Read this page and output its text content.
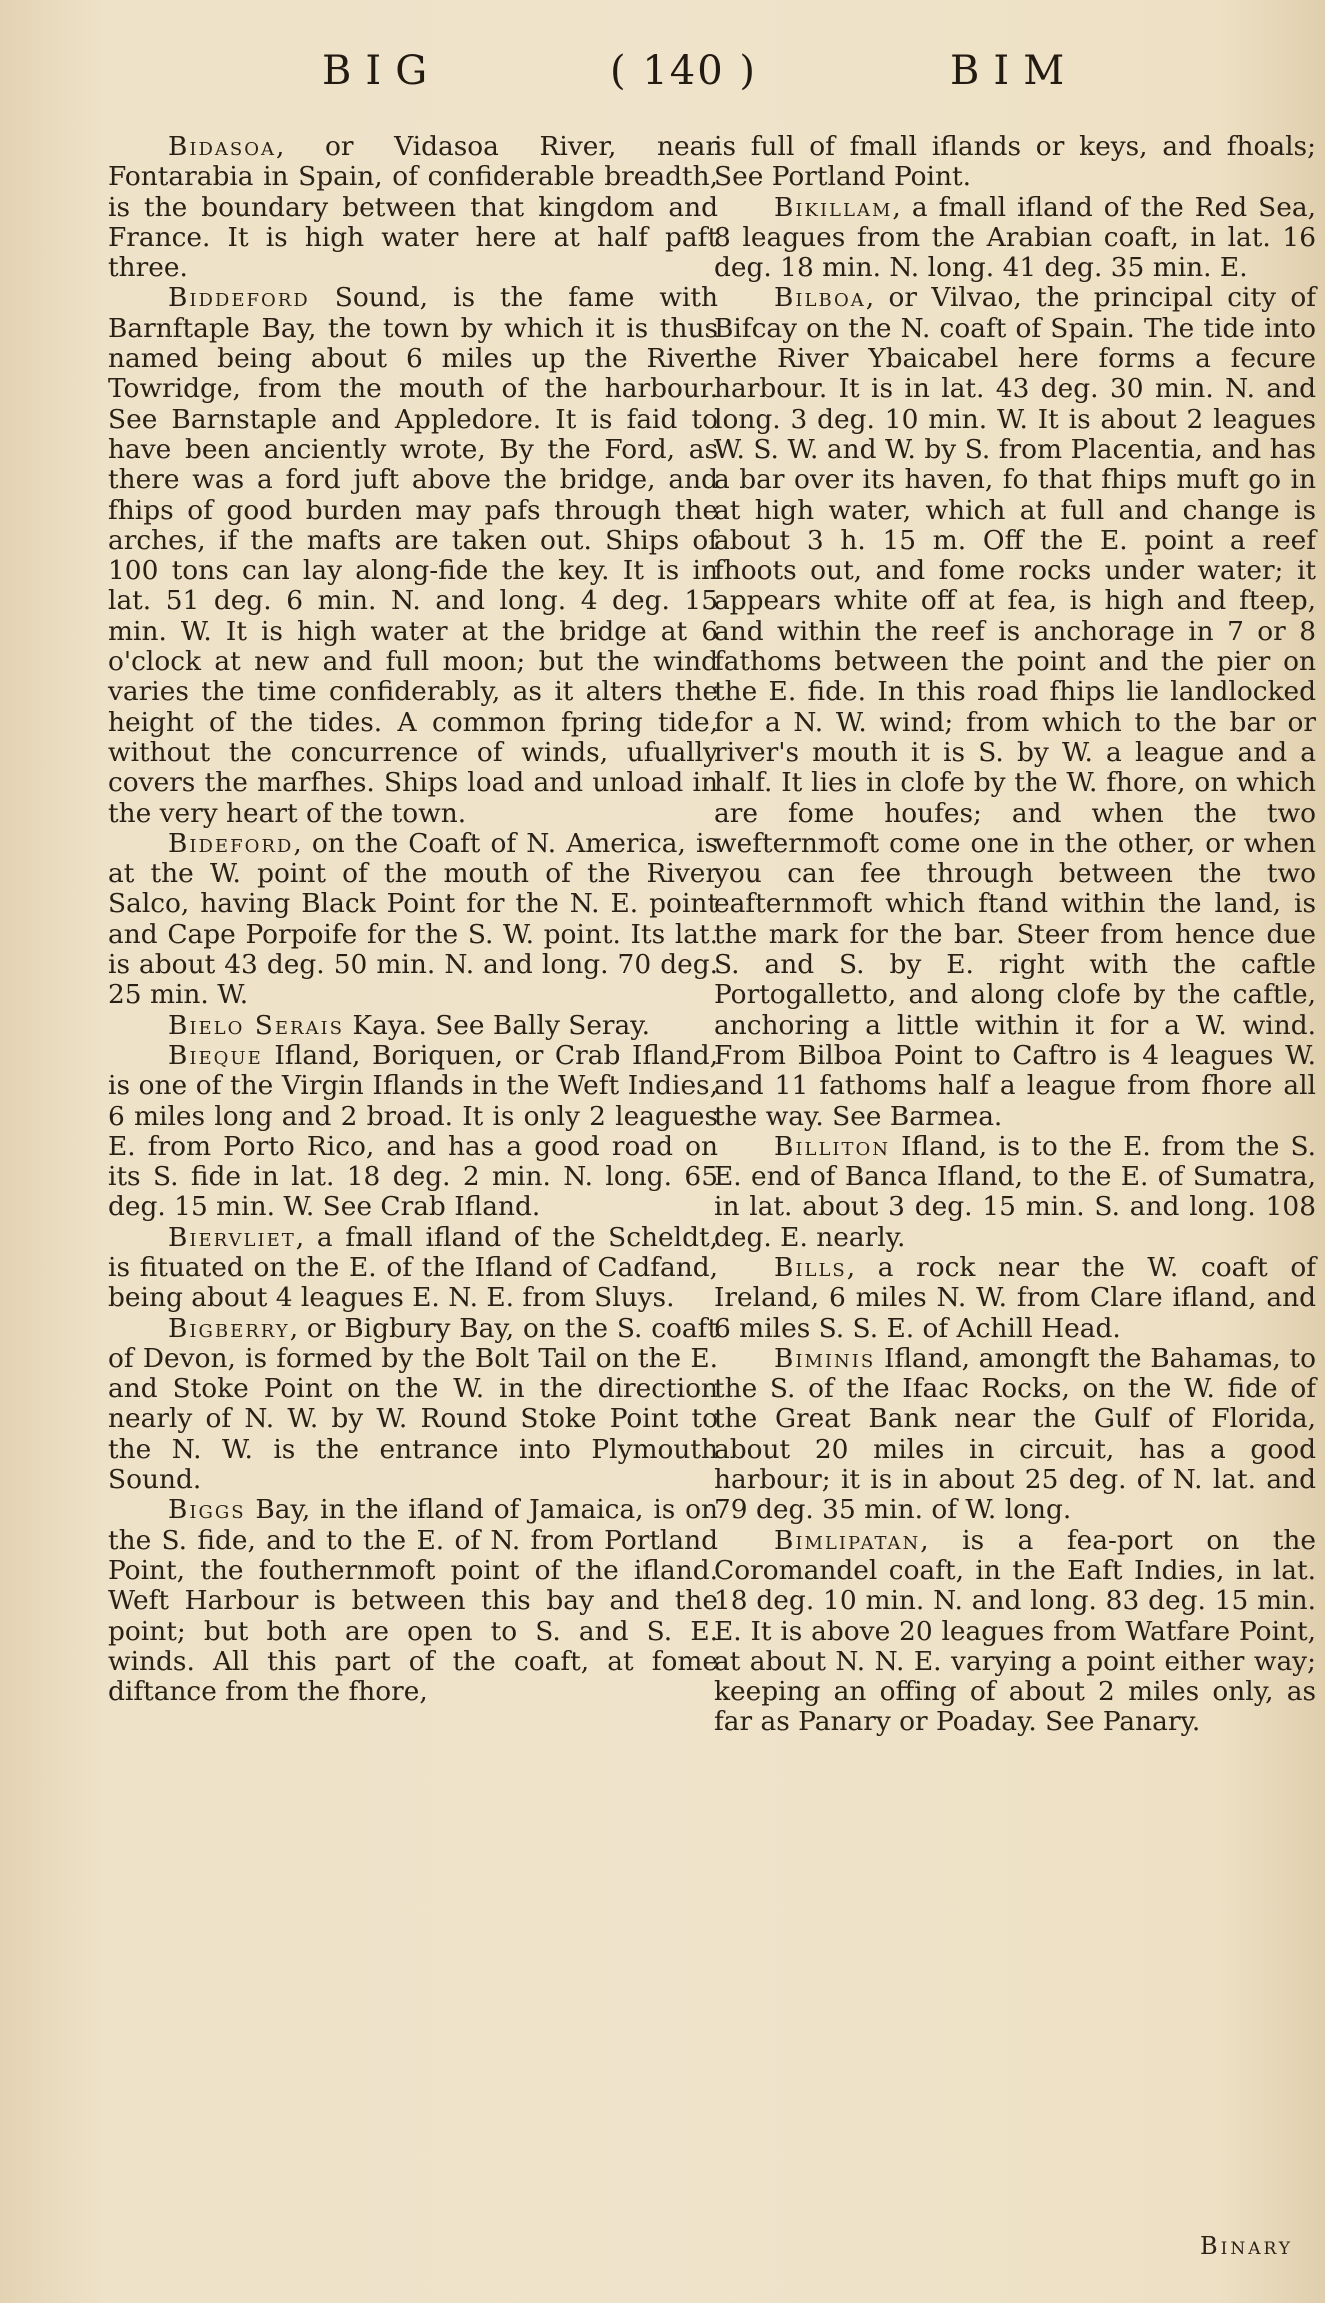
BIG	( 140 )	BIM

Bidasoa, or Vidasoa River, near Fontarabia in Spain, of confiderable breadth, is the boundary between that kingdom and France. It is high water here at half paft three.

Biddeford Sound, is the fame with Barnftaple Bay, the town by which it is thus named being about 6 miles up the River Towridge, from the mouth of the harbour. See Barnstaple and Appledore. It is faid to have been anciently wrote, By the Ford, as there was a ford juft above the bridge, and fhips of good burden may pafs through the arches, if the mafts are taken out. Ships of 100 tons can lay along-fide the key. It is in lat. 51 deg. 6 min. N. and long. 4 deg. 15 min. W. It is high water at the bridge at 6 o'clock at new and full moon; but the wind varies the time confiderably, as it alters the height of the tides. A common fpring tide, without the concurrence of winds, ufually covers the marfhes. Ships load and unload in the very heart of the town.

Bideford, on the Coaft of N. America, is at the W. point of the mouth of the River Salco, having Black Point for the N. E. point and Cape Porpoife for the S. W. point. Its lat. is about 43 deg. 50 min. N. and long. 70 deg. 25 min. W.

Bielo Serais Kaya. See Bally Seray.

Bieque Ifland, Boriquen, or Crab Ifland, is one of the Virgin Iflands in the Weft Indies, 6 miles long and 2 broad. It is only 2 leagues E. from Porto Rico, and has a good road on its S. fide in lat. 18 deg. 2 min. N. long. 65 deg. 15 min. W. See Crab Ifland.

Biervliet, a fmall ifland of the Scheldt, is fituated on the E. of the Ifland of Cadfand, being about 4 leagues E. N. E. from Sluys.

Bigberry, or Bigbury Bay, on the S. coaft of Devon, is formed by the Bolt Tail on the E. and Stoke Point on the W. in the direction nearly of N. W. by W. Round Stoke Point to the N. W. is the entrance into Plymouth Sound.

Biggs Bay, in the ifland of Jamaica, is on the S. fide, and to the E. of N. from Portland Point, the fouthernmoft point of the ifland. Weft Harbour is between this bay and the point; but both are open to S. and S. E. winds. All this part of the coaft, at fome diftance from the fhore,

is full of fmall iflands or keys, and fhoals; See Portland Point.

Bikillam, a fmall ifland of the Red Sea, 8 leagues from the Arabian coaft, in lat. 16 deg. 18 min. N. long. 41 deg. 35 min. E.

Bilboa, or Vilvao, the principal city of Bifcay on the N. coaft of Spain. The tide into the River Ybaicabel here forms a fecure harbour. It is in lat. 43 deg. 30 min. N. and long. 3 deg. 10 min. W. It is about 2 leagues W. S. W. and W. by S. from Placentia, and has a bar over its haven, fo that fhips muft go in at high water, which at full and change is about 3 h. 15 m. Off the E. point a reef fhoots out, and fome rocks under water; it appears white off at fea, is high and fteep, and within the reef is anchorage in 7 or 8 fathoms between the point and the pier on the E. fide. In this road fhips lie landlocked for a N. W. wind; from which to the bar or river's mouth it is S. by W. a league and a half. It lies in clofe by the W. fhore, on which are fome houfes; and when the two wefternmoft come one in the other, or when you can fee through between the two eafternmoft which ftand within the land, is the mark for the bar. Steer from hence due S. and S. by E. right with the caftle Portogalletto, and along clofe by the caftle, anchoring a little within it for a W. wind. From Bilboa Point to Caftro is 4 leagues W. and 11 fathoms half a league from fhore all the way. See Barmea.

Billiton Ifland, is to the E. from the S. E. end of Banca Ifland, to the E. of Sumatra, in lat. about 3 deg. 15 min. S. and long. 108 deg. E. nearly.

Bills, a rock near the W. coaft of Ireland, 6 miles N. W. from Clare ifland, and 6 miles S. S. E. of Achill Head.

Biminis Ifland, amongft the Bahamas, to the S. of the Ifaac Rocks, on the W. fide of the Great Bank near the Gulf of Florida, about 20 miles in circuit, has a good harbour; it is in about 25 deg. of N. lat. and 79 deg. 35 min. of W. long.

Bimlipatan, is a fea-port on the Coromandel coaft, in the Eaft Indies, in lat. 18 deg. 10 min. N. and long. 83 deg. 15 min. E. It is above 20 leagues from Watfare Point, at about N. N. E. varying a point either way; keeping an offing of about 2 miles only, as far as Panary or Poaday. See Panary.

Binary
